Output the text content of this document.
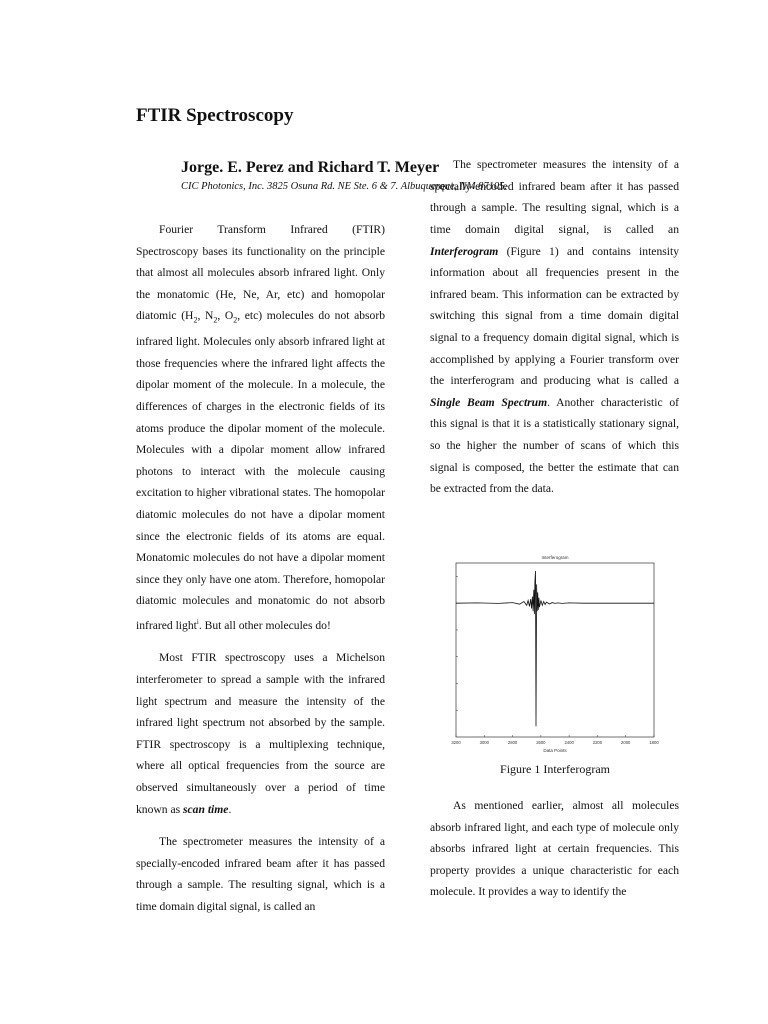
FTIR Spectroscopy
Jorge. E. Perez and Richard T. Meyer
CIC Photonics, Inc. 3825 Osuna Rd. NE Ste. 6 & 7. Albuquerque, NM 87105.

Fourier Transform Infrared (FTIR) Spectroscopy bases its functionality on the principle that almost all molecules absorb infrared light. Only the monatomic (He, Ne, Ar, etc) and homopolar diatomic ($H_2$, $N_2$, $O_2$, etc) molecules do not absorb infrared light. Molecules only absorb infrared light at those frequencies where the infrared light affects the dipolar moment of the molecule. In a molecule, the differences of charges in the electronic fields of its atoms produce the dipolar moment of the molecule. Molecules with a dipolar moment allow infrared photons to interact with the molecule causing excitation to higher vibrational states. The homopolar diatomic molecules do not have a dipolar moment since the electronic fields of its atoms are equal. Monatomic molecules do not have a dipolar moment since they only have one atom. Therefore, homopolar diatomic molecules and monatomic do not absorb infrared light$^i$. But all other molecules do!

Most FTIR spectroscopy uses a Michelson interferometer to spread a sample with the infrared light spectrum and measure the intensity of the infrared light spectrum not absorbed by the sample. FTIR spectroscopy is a multiplexing technique, where all optical frequencies from the source are observed simultaneously over a period of time known as scan time.

The spectrometer measures the intensity of a specially-encoded infrared beam after it has passed through a sample. The resulting signal, which is a time domain digital signal, is called an

The spectrometer measures the intensity of a specially-encoded infrared beam after it has passed through a sample. The resulting signal, which is a time domain digital signal, is called an Interferogram (Figure 1) and contains intensity information about all frequencies present in the infrared beam. This information can be extracted by switching this signal from a time domain digital signal to a frequency domain digital signal, which is accomplished by applying a Fourier transform over the interferogram and producing what is called a Single Beam Spectrum. Another characteristic of this signal is that it is a statistically stationary signal, so the higher the number of scans of which this signal is composed, the better the estimate that can be extracted from the data.

Interferogram
Data Points
3200	3000	2800	2600	2400	2200	2000	1800
Figure 1 Interferogram

As mentioned earlier, almost all molecules absorb infrared light, and each type of molecule only absorbs infrared light at certain frequencies. This property provides a unique characteristic for each molecule. It provides a way to identify the
